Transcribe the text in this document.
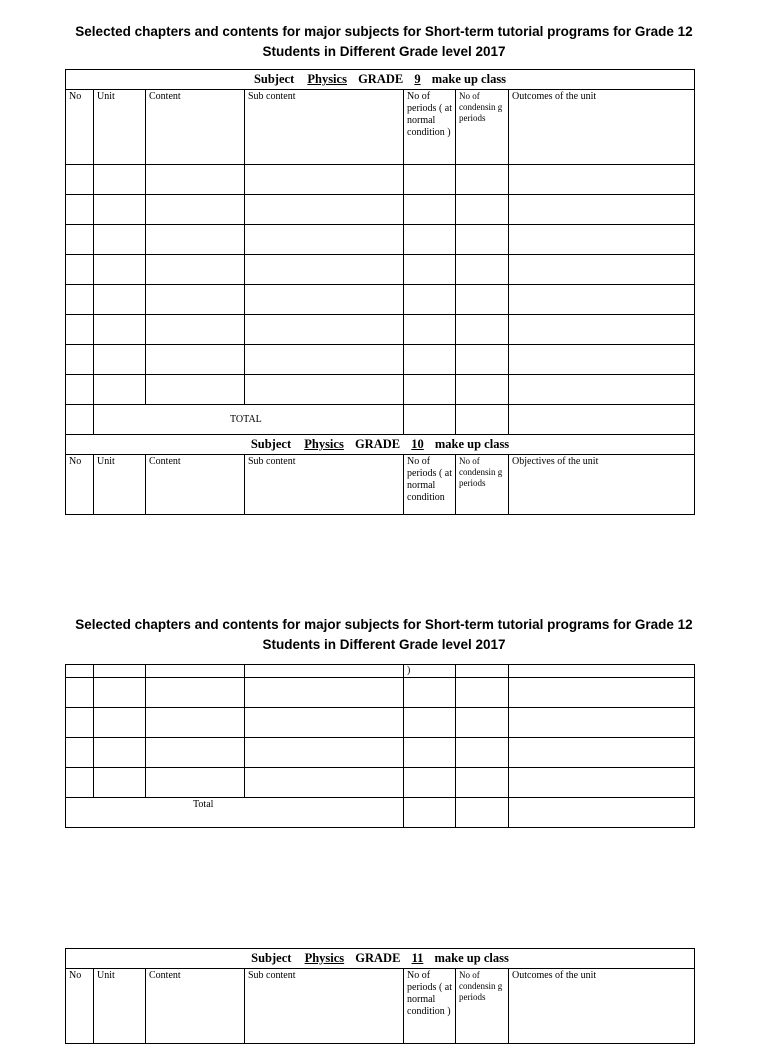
Selected chapters and contents for major subjects for Short-term tutorial programs for Grade 12
Students in Different Grade level 2017
Subject Physics GRADE 9 make up class						
No	Unit	Content	Sub content	No of periods ( at normal condition )	No of condensin g periods	Outcomes of the unit

	TOTAL					

Subject Physics GRADE 10 make up class						
No	Unit	Content	Sub content	No of periods ( at normal condition	No of condensin g periods	Objectives of the unit
Selected chapters and contents for major subjects for Short-term tutorial programs for Grade 12
Students in Different Grade level 2017
				)		

Total						

Subject Physics GRADE 11 make up class
No	Unit	Content	Sub content	No of periods ( at normal condition )	No of condensin g periods	Outcomes of the unit
